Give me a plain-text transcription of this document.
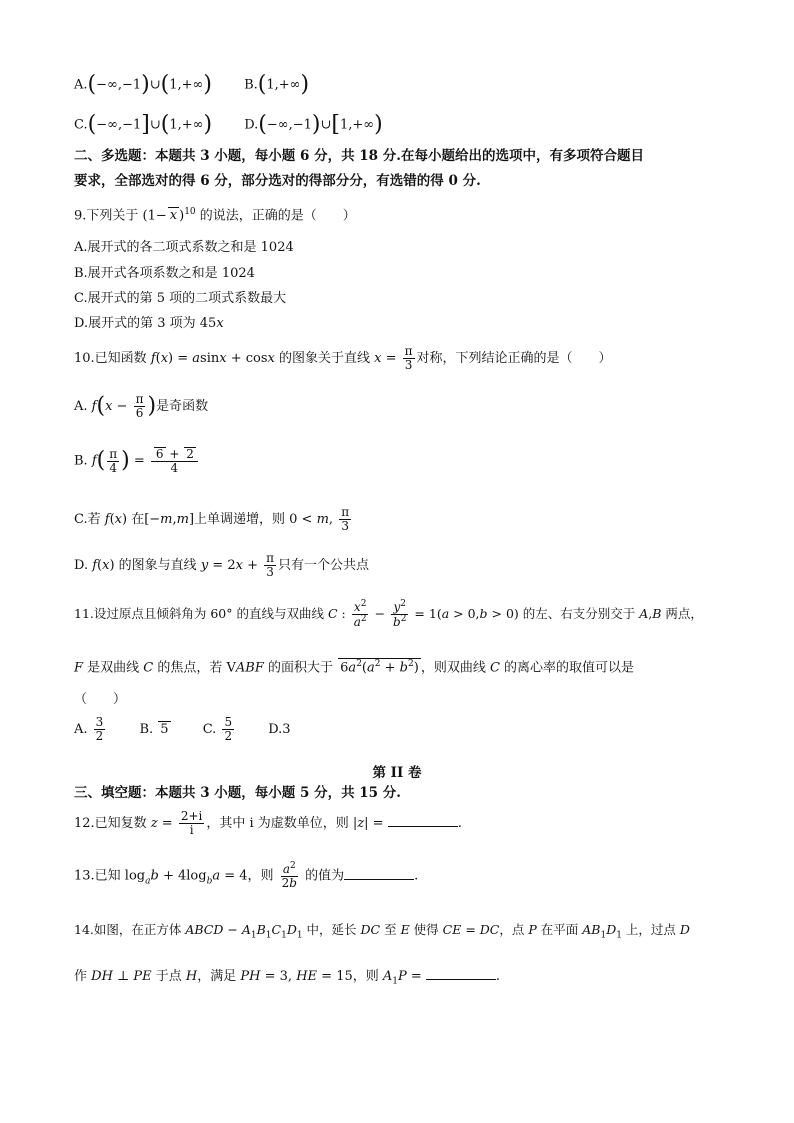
A.(−∞,−1)∪(1,+∞) B.(1,+∞)
C.(−∞,−1]∪(1,+∞) D.(−∞,−1)∪[1,+∞)
二、多选题：本题共 3 小题，每小题 6 分，共 18 分.在每小题给出的选项中，有多项符合题目
要求，全部选对的得 6 分，部分选对的得部分分，有选错的得 0 分.
9.下列关于 (1− x )$^{10}$ 的说法，正确的是（　　）
A.展开式的各二项式系数之和是 1024
B.展开式各项系数之和是 1024
C.展开式的第 5 项的二项式系数最大
D.展开式的第 3 项为 45x
10.已知函数 f(x) = asinx + cosx 的图象关于直线 $x = \frac{\pi}{3}$ 对称，下列结论正确的是（　　）
A. $f(x - \frac{\pi}{6}$ )是奇函数
B. $f( \frac{\pi}{4}$ ) = $\frac{6 + 2}{4}$
C.若 f(x) 在[−m,m]上单调递增，则 0 < m, $\frac{\pi}{3}$
D. f(x) 的图象与直线 $y = 2x + \frac{\pi}{3}$ 只有一个公共点
11.设过原点且倾斜角为 60° 的直线与双曲线 C : $\frac{x^2}{a^2} - \frac{y^2}{b^2} = 1(a > 0,b > 0)$ 的左、右支分别交于 A,B 两点，
F 是双曲线 C 的焦点，若 VABF 的面积大于 $6a^2(a^2 + b^2)$ ，则双曲线 C 的离心率的取值可以是
（　　）
A. $\frac{3}{2}$	B. 5	C. $\frac{5}{2}$	D.3
第 II 卷
三、填空题：本题共 3 小题，每小题 5 分，共 15 分.
12.已知复数 $z = \frac{2+i}{i}$ ，其中 i 为虚数单位，则 |z| =	.
13.已知 $\log_ab + 4\log_ba = 4$，则 $\frac{a^2}{2b}$ 的值为	.
14.如图，在正方体 ABCD − $A_1B_1C_1D_1$ 中，延长 DC 至 E 使得 CE = DC，点 P 在平面 $AB_1D_1$ 上，过点 D
作 DH ⊥ PE 于点 H，满足 PH = 3, HE = 15，则 $A_1P$ =	.
